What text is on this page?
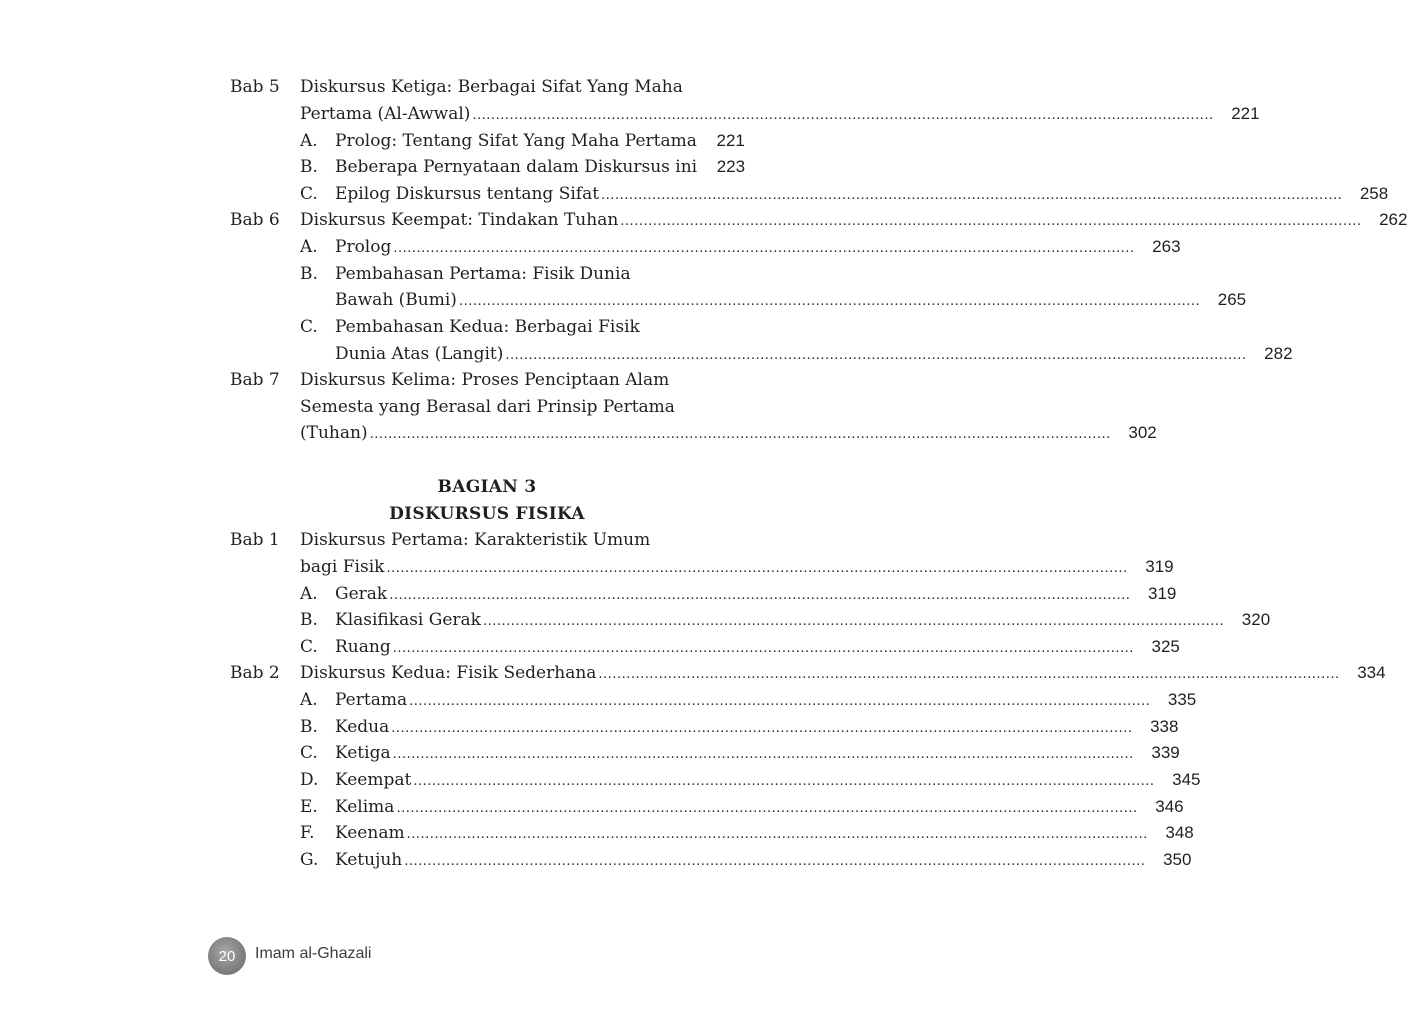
Bab 5 Diskursus Ketiga: Berbagai Sifat Yang Maha
Pertama (Al-Awwal) ................................................................................................................................................................	221
A. Prolog: Tentang Sifat Yang Maha Pertama	221
B. Beberapa Pernyataan dalam Diskursus ini	223
C. Epilog Diskursus tentang Sifat ................................................................................................................................................................	258
Bab 6 Diskursus Keempat: Tindakan Tuhan ................................................................................................................................................................	262
A. Prolog ................................................................................................................................................................	263
B. Pembahasan Pertama: Fisik Dunia
Bawah (Bumi) ................................................................................................................................................................	265
C. Pembahasan Kedua: Berbagai Fisik
Dunia Atas (Langit) ................................................................................................................................................................	282
Bab 7 Diskursus Kelima: Proses Penciptaan Alam
Semesta yang Berasal dari Prinsip Pertama
(Tuhan) ................................................................................................................................................................	302
BAGIAN 3
DISKURSUS FISIKA
Bab 1 Diskursus Pertama: Karakteristik Umum
bagi Fisik ................................................................................................................................................................	319
A. Gerak ................................................................................................................................................................	319
B. Klasifikasi Gerak ................................................................................................................................................................	320
C. Ruang ................................................................................................................................................................	325
Bab 2 Diskursus Kedua: Fisik Sederhana ................................................................................................................................................................	334
A. Pertama ................................................................................................................................................................	335
B. Kedua ................................................................................................................................................................	338
C. Ketiga ................................................................................................................................................................	339
D. Keempat ................................................................................................................................................................	345
E. Kelima ................................................................................................................................................................	346
F. Keenam ................................................................................................................................................................	348
G. Ketujuh ................................................................................................................................................................	350
20 Imam al-Ghazali
